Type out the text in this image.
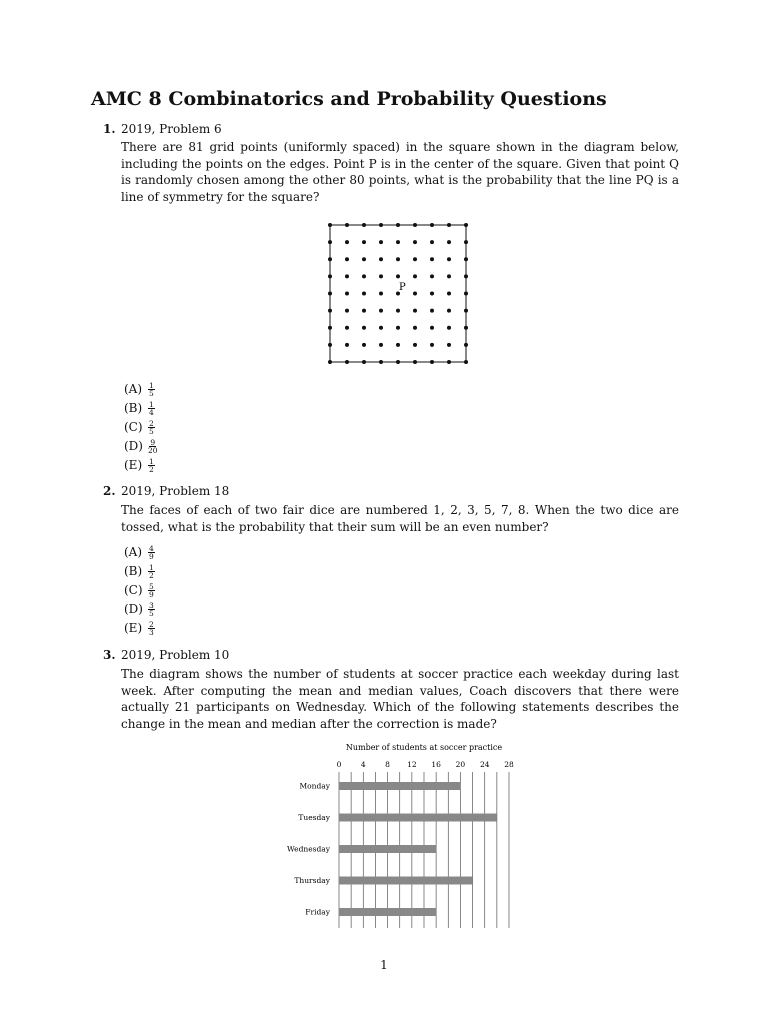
AMC 8 Combinatorics and Probability Questions
1. 2019, Problem 6

There are 81 grid points (uniformly spaced) in the square shown in the diagram below, including the points on the edges. Point P is in the center of the square. Given that point Q is randomly chosen among the other 80 points, what is the probability that the line PQ is a line of symmetry for the square?

P
$(A) \frac{1}{5}$
$(B) \frac{1}{4}$
$(C) \frac{2}{5}$
$(D) \frac{9}{20}$
$(E) \frac{1}{2}$
2. 2019, Problem 18

The faces of each of two fair dice are numbered 1, 2, 3, 5, 7, 8. When the two dice are tossed, what is the probability that their sum will be an even number?

$(A) \frac{4}{9}$
$(B) \frac{1}{2}$
$(C) \frac{5}{9}$
$(D) \frac{3}{5}$
$(E) \frac{2}{3}$
3. 2019, Problem 10

The diagram shows the number of students at soccer practice each weekday during last week. After computing the mean and median values, Coach discovers that there were actually 21 participants on Wednesday. Which of the following statements describes the change in the mean and median after the correction is made?

Number of students at soccer practice
0	4	8 12 16 20 24 28
Monday
Tuesday
Wednesday
Thursday
Friday
1
